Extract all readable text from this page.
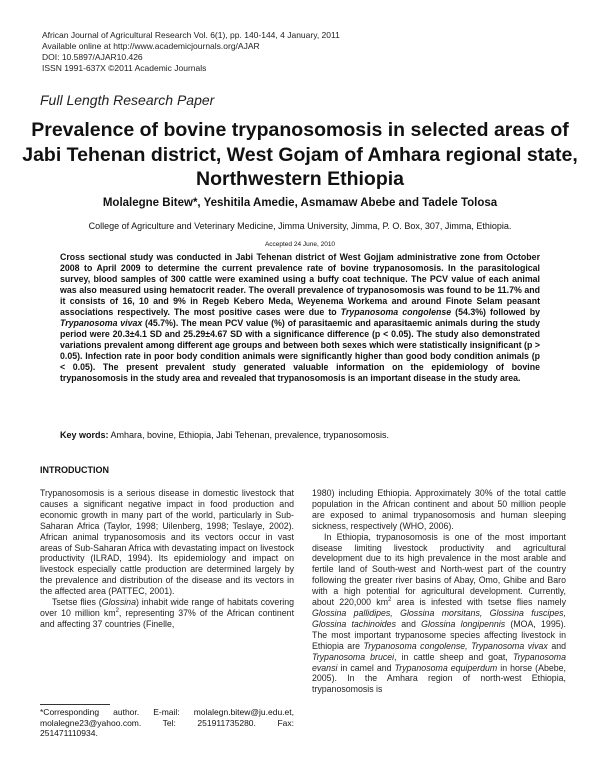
African Journal of Agricultural Research Vol. 6(1), pp. 140-144, 4 January, 2011
Available online at http://www.academicjournals.org/AJAR
DOI: 10.5897/AJAR10.426
ISSN 1991-637X ©2011 Academic Journals
Full Length Research Paper
Prevalence of bovine trypanosomosis in selected areas of Jabi Tehenan district, West Gojam of Amhara regional state, Northwestern Ethiopia
Molalegne Bitew*, Yeshitila Amedie, Asmamaw Abebe and Tadele Tolosa
College of Agriculture and Veterinary Medicine, Jimma University, Jimma, P. O. Box, 307, Jimma, Ethiopia.
Accepted 24 June, 2010
Cross sectional study was conducted in Jabi Tehenan district of West Gojjam administrative zone from October 2008 to April 2009 to determine the current prevalence rate of bovine trypanosomosis. In the parasitological survey, blood samples of 300 cattle were examined using a buffy coat technique. The PCV value of each animal was also measured using hematocrit reader. The overall prevalence of trypanosomosis was found to be 11.7% and it consists of 16, 10 and 9% in Regeb Kebero Meda, Weyenema Workema and around Finote Selam peasant associations respectively. The most positive cases were due to Trypanosoma congolense (54.3%) followed by Trypanosoma vivax (45.7%). The mean PCV value (%) of parasitaemic and aparasitaemic animals during the study period were 20.3±4.1 SD and 25.29±4.67 SD with a significance difference (p < 0.05). The study also demonstrated variations prevalent among different age groups and between both sexes which were statistically insignificant (p > 0.05). Infection rate in poor body condition animals were significantly higher than good body condition animals (p < 0.05). The present prevalent study generated valuable information on the epidemiology of bovine trypanosomosis in the study area and revealed that trypanosomosis is an important disease in the study area.
Key words: Amhara, bovine, Ethiopia, Jabi Tehenan, prevalence, trypanosomosis.
INTRODUCTION

Trypanosomosis is a serious disease in domestic livestock that causes a significant negative impact in food production and economic growth in many part of the world, particularly in Sub-Saharan Africa (Taylor, 1998; Uilenberg, 1998; Teslaye, 2002). African animal trypanosomosis and its vectors occur in vast areas of Sub-Saharan Africa with devastating impact on livestock productivity (ILRAD, 1994). Its epidemiology and impact on livestock especially cattle production are determined largely by the prevalence and distribution of the disease and its vectors in the affected area (PATTEC, 2001).

Tsetse flies (Glossina) inhabit wide range of habitats covering over 10 million $km^2$, representing 37% of the African continent and affecting 37 countries (Finelle,

1980) including Ethiopia. Approximately 30% of the total cattle population in the African continent and about 50 million people are exposed to animal trypanosomosis and human sleeping sickness, respectively (WHO, 2006).

In Ethiopia, trypanosomosis is one of the most important disease limiting livestock productivity and agricultural development due to its high prevalence in the most arable and fertile land of South-west and North-west part of the country following the greater river basins of Abay, Omo, Ghibe and Baro with a high potential for agricultural development. Currently, about 220,000 $km^2$ area is infested with tsetse flies namely Glossina pallidipes, Glossina morsitans, Glossina fuscipes, Glossina tachinoides and Glossina longipennis (MOA, 1995). The most important trypanosome species affecting livestock in Ethiopia are Trypanosoma congolense, Trypanosoma vivax and Trypanosoma brucei, in cattle sheep and goat, Trypanosoma evansi in camel and Trypanosoma equiperdum in horse (Abebe, 2005). In the Amhara region of north-west Ethiopia, trypanosomosis is

*Corresponding author. E-mail: molalegn.bitew@ju.edu.et, molalegne23@yahoo.com. Tel: 251911735280. Fax: 251471110934.
